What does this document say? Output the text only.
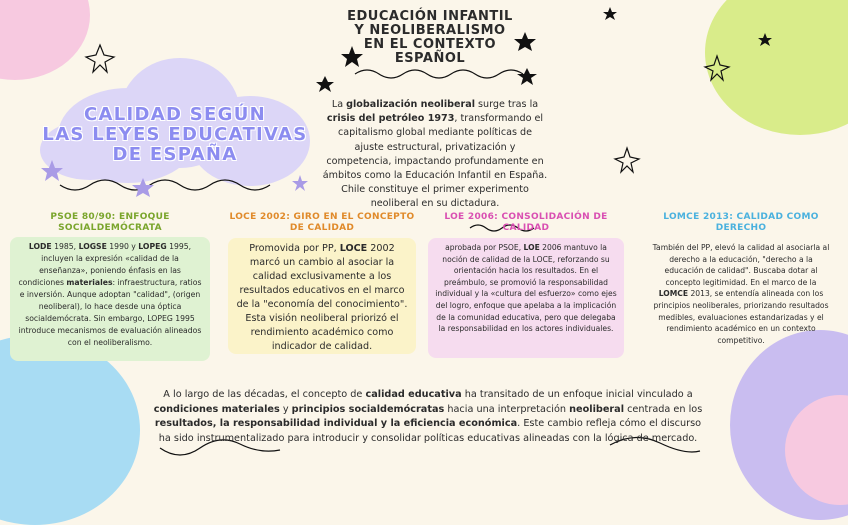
EDUCACIÓN INFANTIL
Y NEOLIBERALISMO
EN EL CONTEXTO
ESPAÑOL
La globalización neoliberal surge tras la crisis del petróleo 1973, transformando el capitalismo global mediante políticas de ajuste estructural, privatización y competencia, impactando profundamente en ámbitos como la Educación Infantil en España. Chile constituye el primer experimento neoliberal en su dictadura.
CALIDAD SEGÚN
LAS LEYES EDUCATIVAS
DE ESPAÑA
PSOE 80/90: ENFOQUE SOCIALDEMÓCRATA
LOCE 2002: GIRO EN EL CONCEPTO DE CALIDAD
LOE 2006: CONSOLIDACIÓN DE CALIDAD
LOMCE 2013: CALIDAD COMO DERECHO
LODE 1985, LOGSE 1990 y LOPEG 1995, incluyen la expresión «calidad de la enseñanza», poniendo énfasis en las condiciones materiales: infraestructura, ratios e inversión. Aunque adoptan "calidad", (origen neoliberal), lo hace desde una óptica socialdemócrata. Sin embargo, LOPEG 1995 introduce mecanismos de evaluación alineados con el neoliberalismo.
Promovida por PP, LOCE 2002 marcó un cambio al asociar la calidad exclusivamente a los resultados educativos en el marco de la "economía del conocimiento". Esta visión neoliberal priorizó el rendimiento académico como indicador de calidad.
aprobada por PSOE, LOE 2006 mantuvo la noción de calidad de la LOCE, reforzando su orientación hacia los resultados. En el preámbulo, se promovió la responsabilidad individual y la «cultura del esfuerzo» como ejes del logro, enfoque que apelaba a la implicación de la comunidad educativa, pero que delegaba la responsabilidad en los actores individuales.
También del PP, elevó la calidad al asociarla al derecho a la educación, "derecho a la educación de calidad". Buscaba dotar al concepto legitimidad. En el marco de la LOMCE 2013, se entendía alineada con los principios neoliberales, priorizando resultados medibles, evaluaciones estandarizadas y el rendimiento académico en un contexto competitivo.
A lo largo de las décadas, el concepto de calidad educativa ha transitado de un enfoque inicial vinculado a condiciones materiales y principios socialdemócratas hacia una interpretación neoliberal centrada en los resultados, la responsabilidad individual y la eficiencia económica. Este cambio refleja cómo el discurso ha sido instrumentalizado para introducir y consolidar políticas educativas alineadas con la lógica de mercado.
